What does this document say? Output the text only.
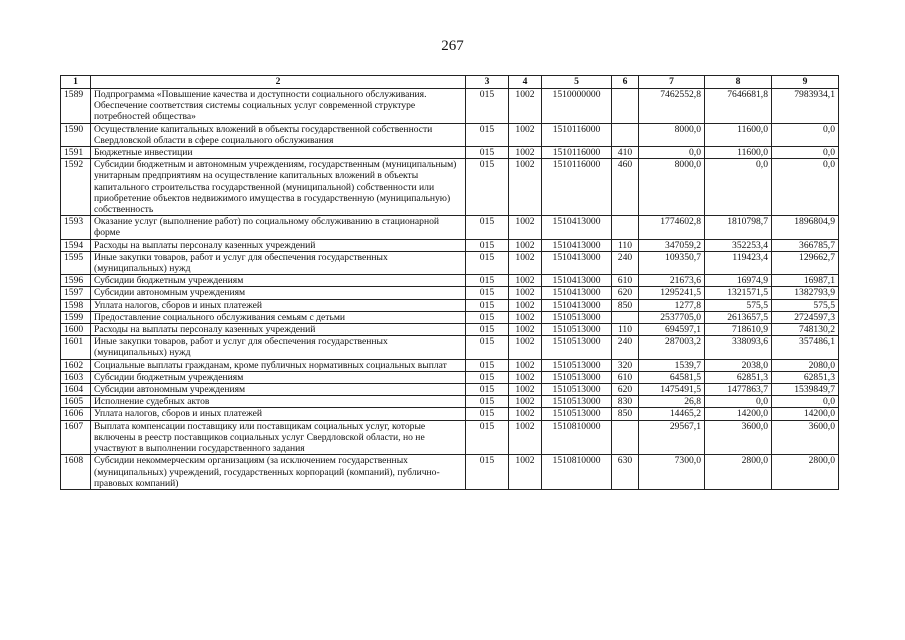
267
1	2	3	4	5	6	7	8	9
1589	Подпрограмма «Повышение качества и доступности социального обслуживания. Обеспечение соответствия системы социальных услуг современной структуре потребностей общества»	015	1002	1510000000		7462552,8	7646681,8	7983934,1
1590	Осуществление капитальных вложений в объекты государственной собственности Свердловской области в сфере социального обслуживания	015	1002	1510116000		8000,0	11600,0	0,0
1591	Бюджетные инвестиции	015	1002	1510116000	410	0,0	11600,0	0,0
1592	Субсидии бюджетным и автономным учреждениям, государственным (муниципальным) унитарным предприятиям на осуществление капитальных вложений в объекты капитального строительства государственной (муниципальной) собственности или приобретение объектов недвижимого имущества в государственную (муниципальную) собственность	015	1002	1510116000	460	8000,0	0,0	0,0
1593	Оказание услуг (выполнение работ) по социальному обслуживанию в стационарной форме	015	1002	1510413000		1774602,8	1810798,7	1896804,9
1594	Расходы на выплаты персоналу казенных учреждений	015	1002	1510413000	110	347059,2	352253,4	366785,7
1595	Иные закупки товаров, работ и услуг для обеспечения государственных (муниципальных) нужд	015	1002	1510413000	240	109350,7	119423,4	129662,7
1596	Субсидии бюджетным учреждениям	015	1002	1510413000	610	21673,6	16974,9	16987,1
1597	Субсидии автономным учреждениям	015	1002	1510413000	620	1295241,5	1321571,5	1382793,9
1598	Уплата налогов, сборов и иных платежей	015	1002	1510413000	850	1277,8	575,5	575,5
1599	Предоставление социального обслуживания семьям с детьми	015	1002	1510513000		2537705,0	2613657,5	2724597,3
1600	Расходы на выплаты персоналу казенных учреждений	015	1002	1510513000	110	694597,1	718610,9	748130,2
1601	Иные закупки товаров, работ и услуг для обеспечения государственных (муниципальных) нужд	015	1002	1510513000	240	287003,2	338093,6	357486,1
1602	Социальные выплаты гражданам, кроме публичных нормативных социальных выплат	015	1002	1510513000	320	1539,7	2038,0	2080,0
1603	Субсидии бюджетным учреждениям	015	1002	1510513000	610	64581,5	62851,3	62851,3
1604	Субсидии автономным учреждениям	015	1002	1510513000	620	1475491,5	1477863,7	1539849,7
1605	Исполнение судебных актов	015	1002	1510513000	830	26,8	0,0	0,0
1606	Уплата налогов, сборов и иных платежей	015	1002	1510513000	850	14465,2	14200,0	14200,0
1607	Выплата компенсации поставщику или поставщикам социальных услуг, которые включены в реестр поставщиков социальных услуг Свердловской области, но не участвуют в выполнении государственного задания	015	1002	1510810000		29567,1	3600,0	3600,0
1608	Субсидии некоммерческим организациям (за исключением государственных (муниципальных) учреждений, государственных корпораций (компаний), публично-правовых компаний)	015	1002	1510810000	630	7300,0	2800,0	2800,0
